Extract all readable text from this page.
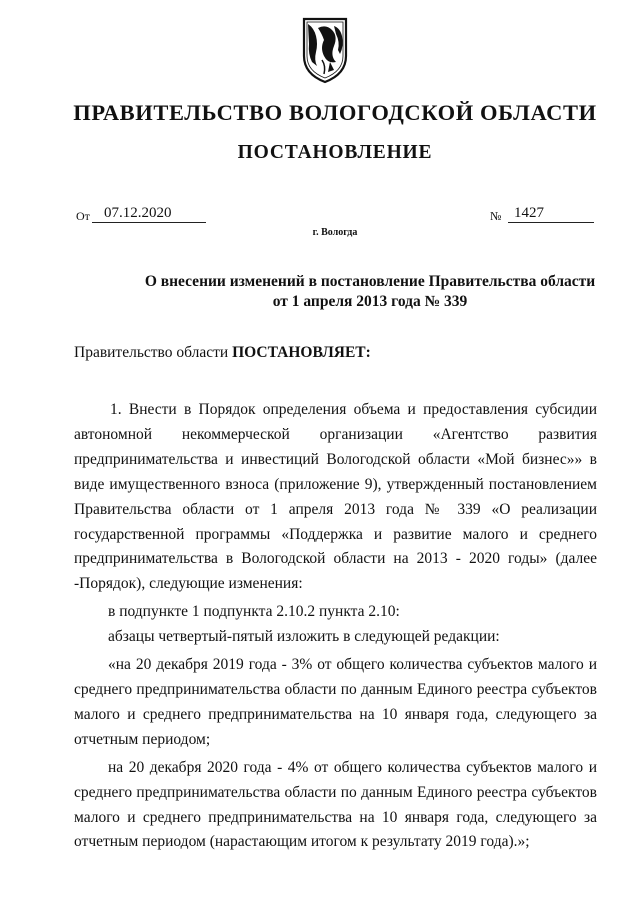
ПРАВИТЕЛЬСТВО ВОЛОГОДСКОЙ ОБЛАСТИ
ПОСТАНОВЛЕНИЕ
От 07.12.2020
г. Вологда
№ 1427
О внесении изменений в постановление Правительства области
от 1 апреля 2013 года № 339
Правительство области ПОСТАНОВЛЯЕТ:

1. Внести в Порядок определения объема и предоставления субсидии автономной некоммерческой организации «Агентство развития предпринимательства и инвестиций Вологодской области «Мой бизнес»» в виде имущественного взноса (приложение 9), утвержденный постановлением Правительства области от 1 апреля 2013 года № 339 «О реализации государственной программы «Поддержка и развитие малого и среднего предпринимательства в Вологодской области на 2013 - 2020 годы» (далее -Порядок), следующие изменения:

в подпункте 1 подпункта 2.10.2 пункта 2.10:

абзацы четвертый-пятый изложить в следующей редакции:

«на 20 декабря 2019 года - 3% от общего количества субъектов малого и среднего предпринимательства области по данным Единого реестра субъектов малого и среднего предпринимательства на 10 января года, следующего за отчетным периодом;

на 20 декабря 2020 года - 4% от общего количества субъектов малого и среднего предпринимательства области по данным Единого реестра субъектов малого и среднего предпринимательства на 10 января года, следующего за отчетным периодом (нарастающим итогом к результату 2019 года).»;
